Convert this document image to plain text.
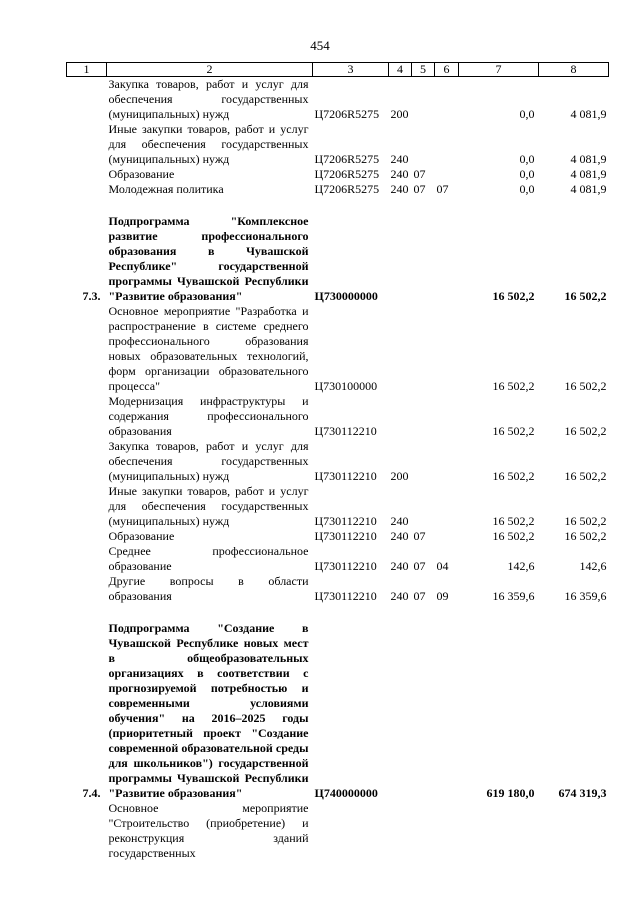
454
1	2	3	4	5	6	7	8
	Закупка товаров, работ и услуг для обеспечения государственных (муниципальных) нужд	Ц7206R5275	200			0,0	4 081,9
	Иные закупки товаров, работ и услуг для обеспечения государственных (муниципальных) нужд	Ц7206R5275	240			0,0	4 081,9
	Образование	Ц7206R5275	240	07		0,0	4 081,9
	Молодежная политика	Ц7206R5275	240	07	07	0,0	4 081,9

7.3.	Подпрограмма "Комплексное развитие профессионального образования в Чувашской Республике" государственной программы Чувашской Республики "Развитие образования"	Ц730000000				16 502,2	16 502,2
	Основное мероприятие "Разработка и распространение в системе среднего профессионального образования новых образовательных технологий, форм организации образовательного процесса"	Ц730100000				16 502,2	16 502,2
	Модернизация инфраструктуры и содержания профессионального образования	Ц730112210				16 502,2	16 502,2
	Закупка товаров, работ и услуг для обеспечения государственных (муниципальных) нужд	Ц730112210	200			16 502,2	16 502,2
	Иные закупки товаров, работ и услуг для обеспечения государственных (муниципальных) нужд	Ц730112210	240			16 502,2	16 502,2
	Образование	Ц730112210	240	07		16 502,2	16 502,2
	Среднее профессиональное образование	Ц730112210	240	07	04	142,6	142,6
	Другие вопросы в области образования	Ц730112210	240	07	09	16 359,6	16 359,6

7.4.	Подпрограмма "Создание в Чувашской Республике новых мест в общеобразовательных организациях в соответствии с прогнозируемой потребностью и современными условиями обучения" на 2016–2025 годы (приоритетный проект "Создание современной образовательной среды для школьников") государственной программы Чувашской Республики "Развитие образования"	Ц740000000				619 180,0	674 319,3
	Основное мероприятие "Строительство (приобретение) и реконструкция зданий государственных						
